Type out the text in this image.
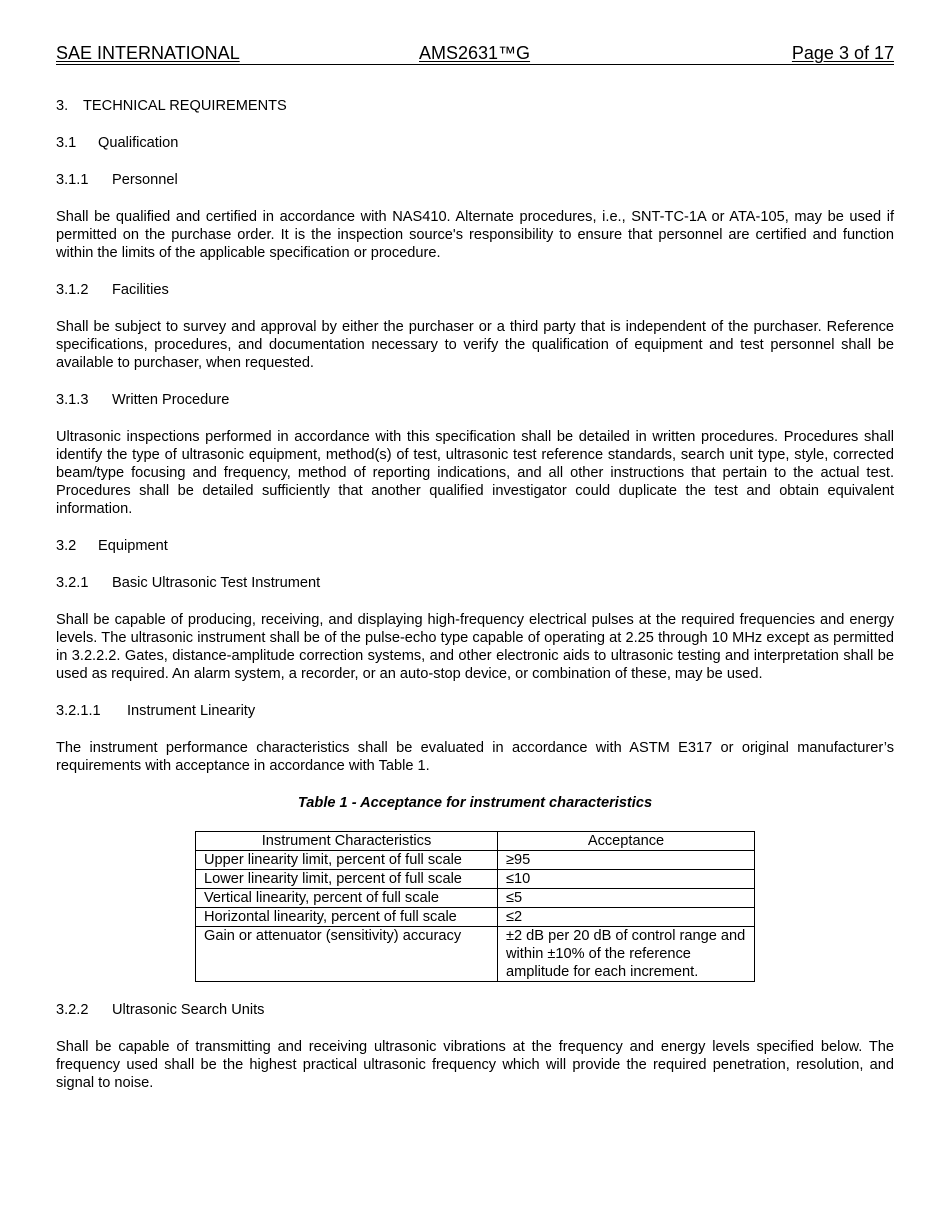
SAE INTERNATIONAL	AMS2631™G	Page 3 of 17
3. TECHNICAL REQUIREMENTS
3.1 Qualification
3.1.1 Personnel

Shall be qualified and certified in accordance with NAS410. Alternate procedures, i.e., SNT-TC-1A or ATA-105, may be used if permitted on the purchase order. It is the inspection source's responsibility to ensure that personnel are certified and function within the limits of the applicable specification or procedure.

3.1.2 Facilities

Shall be subject to survey and approval by either the purchaser or a third party that is independent of the purchaser. Reference specifications, procedures, and documentation necessary to verify the qualification of equipment and test personnel shall be available to purchaser, when requested.

3.1.3 Written Procedure

Ultrasonic inspections performed in accordance with this specification shall be detailed in written procedures. Procedures shall identify the type of ultrasonic equipment, method(s) of test, ultrasonic test reference standards, search unit type, style, corrected beam/type focusing and frequency, method of reporting indications, and all other instructions that pertain to the actual test. Procedures shall be detailed sufficiently that another qualified investigator could duplicate the test and obtain equivalent information.

3.2 Equipment
3.2.1 Basic Ultrasonic Test Instrument

Shall be capable of producing, receiving, and displaying high-frequency electrical pulses at the required frequencies and energy levels. The ultrasonic instrument shall be of the pulse-echo type capable of operating at 2.25 through 10 MHz except as permitted in 3.2.2.2. Gates, distance-amplitude correction systems, and other electronic aids to ultrasonic testing and interpretation shall be used as required. An alarm system, a recorder, or an auto-stop device, or combination of these, may be used.

3.2.1.1 Instrument Linearity

The instrument performance characteristics shall be evaluated in accordance with ASTM E317 or original manufacturer’s requirements with acceptance in accordance with Table 1.

Table 1 - Acceptance for instrument characteristics
Instrument Characteristics	Acceptance
Upper linearity limit, percent of full scale	≥95
Lower linearity limit, percent of full scale	≤10
Vertical linearity, percent of full scale	≤5
Horizontal linearity, percent of full scale	≤2
Gain or attenuator (sensitivity) accuracy	±2 dB per 20 dB of control range and within ±10% of the reference amplitude for each increment.
3.2.2 Ultrasonic Search Units

Shall be capable of transmitting and receiving ultrasonic vibrations at the frequency and energy levels specified below. The frequency used shall be the highest practical ultrasonic frequency which will provide the required penetration, resolution, and signal to noise.
